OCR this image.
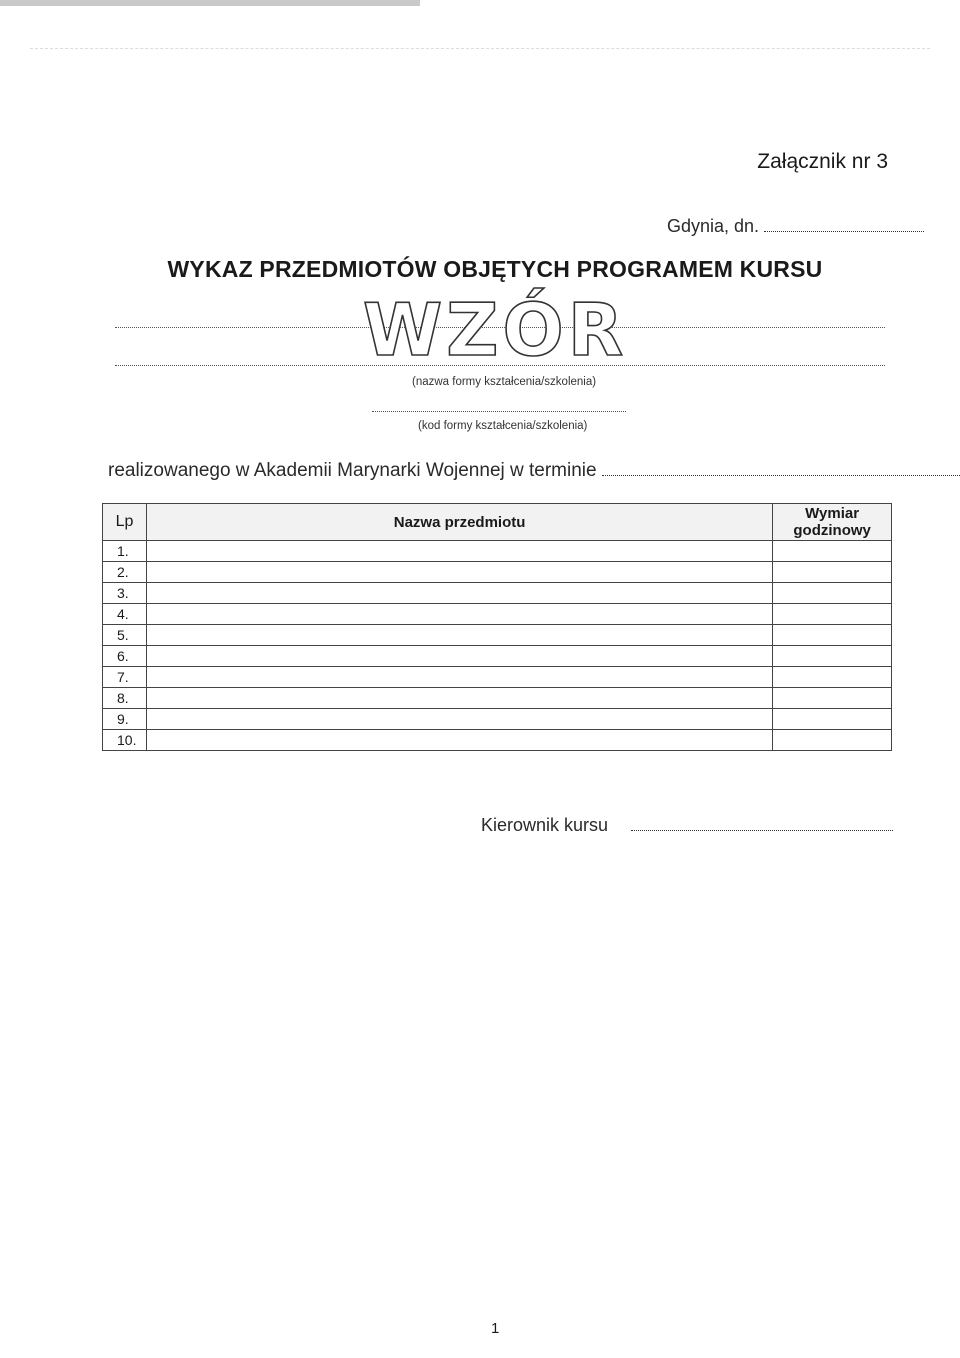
Załącznik nr 3
Gdynia, dn.
WYKAZ PRZEDMIOTÓW OBJĘTYCH PROGRAMEM KURSU
WZÓR
(nazwa formy kształcenia/szkolenia)
(kod formy kształcenia/szkolenia)
realizowanego w Akademii Marynarki Wojennej w terminie
Lp	Nazwa przedmiotu	Wymiar godzinowy
1.		
2.		
3.		
4.		
5.		
6.		
7.		
8.		
9.		
10.		
Kierownik kursu
1
